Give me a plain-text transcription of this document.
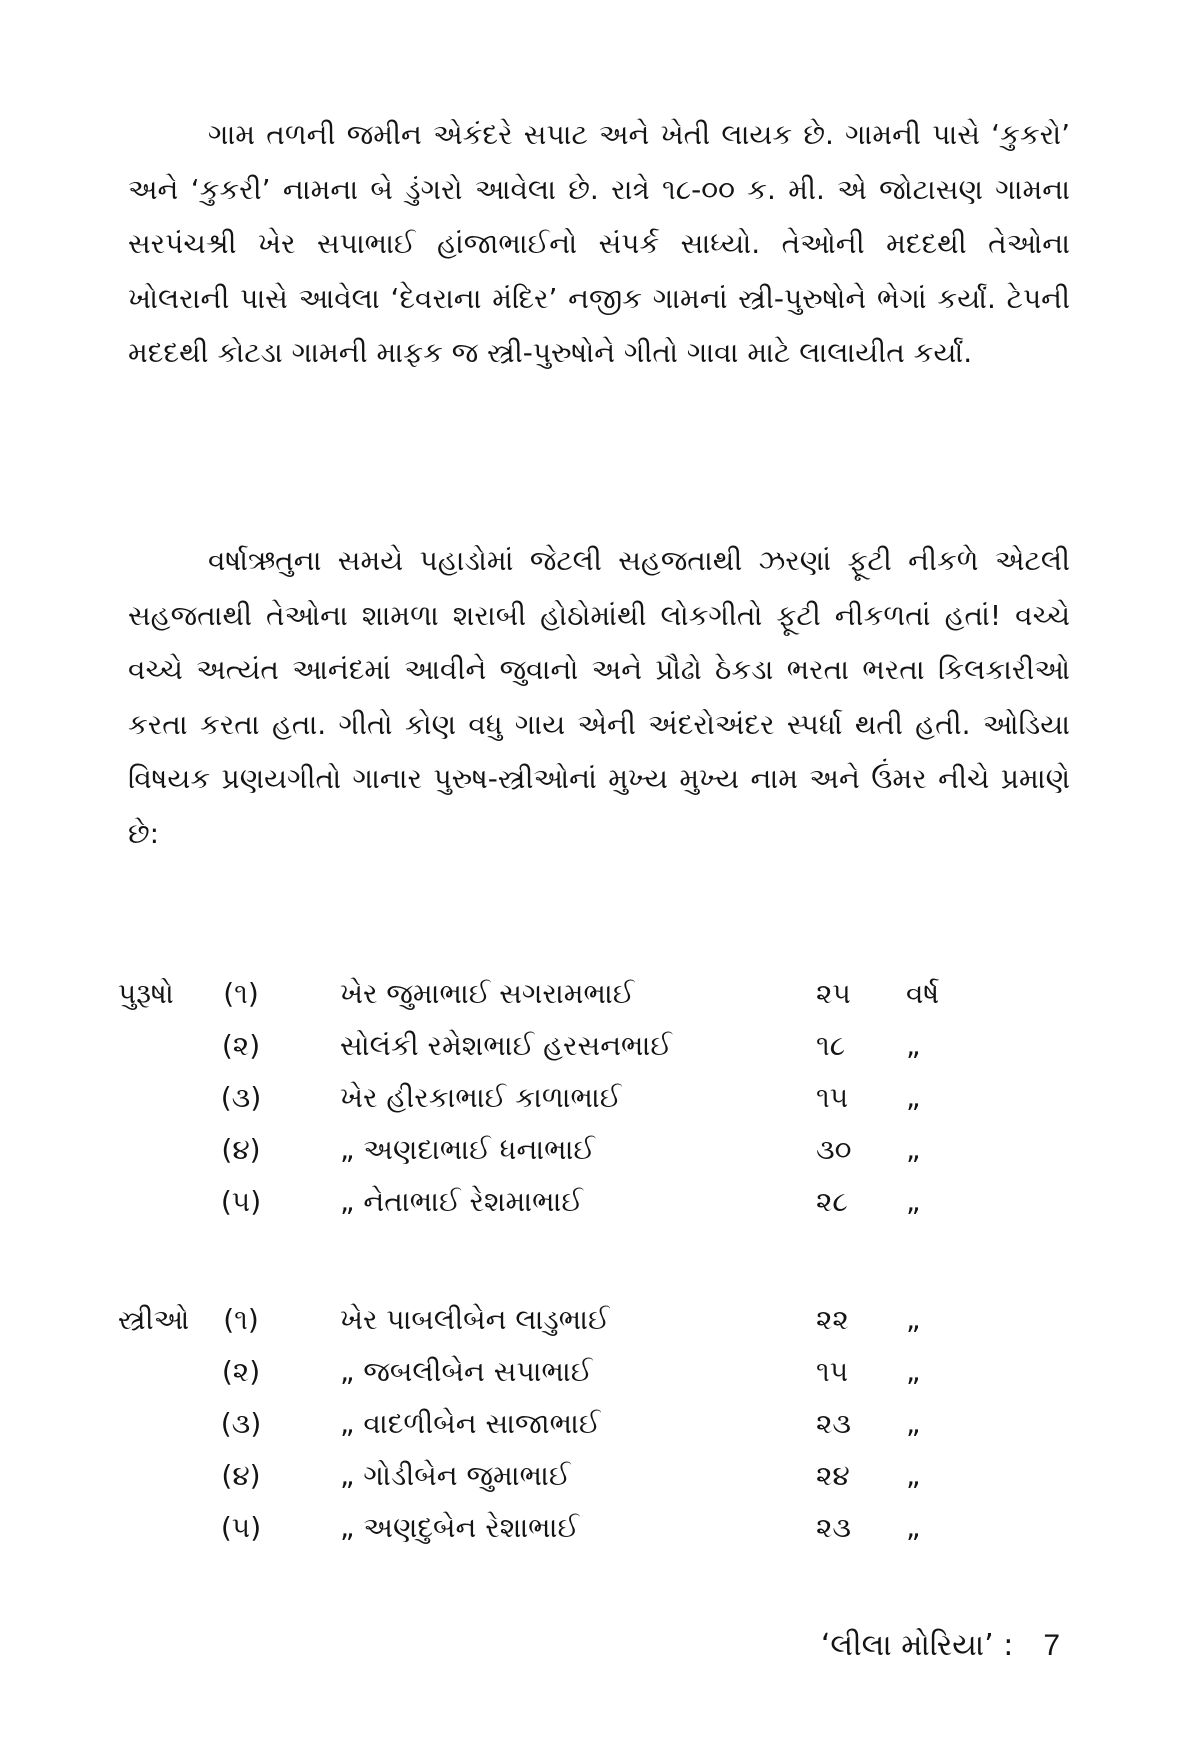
ગામ તળની જમીન એકંદરે સપાટ અને ખેતી લાયક છે. ગામની પાસે ‘કુકરો’ અને ‘કુકરી’ નામના બે ડુંગરો આવેલા છે. રાત્રે ૧૮-૦૦ ક. મી. એ જોટાસણ ગામના સરપંચશ્રી ખેર સપાભાઈ હાંજાભાઈનો સંપર્ક સાધ્યો. તેઓની મદદથી તેઓના ખોલરાની પાસે આવેલા ‘દેવરાના મંદિર’ નજીક ગામનાં સ્ત્રી-પુરુષોને ભેગાં કર્યાં. ટેપની મદદથી કોટડા ગામની માફક જ સ્ત્રી-પુરુષોને ગીતો ગાવા માટે લાલાયીત કર્યાં.

વર્ષાઋતુના સમયે પહાડોમાં જેટલી સહજતાથી ઝરણાં ફૂટી નીકળે એટલી સહજતાથી તેઓના શામળા શરાબી હોઠોમાંથી લોકગીતો ફૂટી નીકળતાં હતાં! વચ્ચે વચ્ચે અત્યંત આનંદમાં આવીને જુવાનો અને પ્રૌઢો ઠેકડા ભરતા ભરતા કિલકારીઓ કરતા કરતા હતા. ગીતો કોણ વધુ ગાય એની અંદરોઅંદર સ્પર્ધા થતી હતી. ઓડિયા વિષયક પ્રણયગીતો ગાનાર પુરુષ-સ્ત્રીઓનાં મુખ્ય મુખ્ય નામ અને ઉંમર નીચે પ્રમાણે છે:

પુરૂષો	(૧)	ખેર જુમાભાઈ સગરામભાઈ	૨૫ વર્ષ
(૨)	સોલંકી રમેશભાઈ હરસનભાઈ	૧૮ „
(૩)	ખેર હીરકાભાઈ કાળાભાઈ	૧૫ „
(૪)	„ અણદાભાઈ ધનાભાઈ	૩૦ „
(૫)	„ નેતાભાઈ રેશમાભાઈ	૨૮ „
સ્ત્રીઓ	(૧)	ખેર પાબલીબેન લાડુભાઈ	૨૨ „
(૨)	„ જબલીબેન સપાભાઈ	૧૫ „
(૩)	„ વાદળીબેન સાજાભાઈ	૨૩ „
(૪)	„ ગોડીબેન જુમાભાઈ	૨૪ „
(૫)	„ અણદુબેન રેશાભાઈ	૨૩ „
‘લીલા મોરિયા’ : 7
